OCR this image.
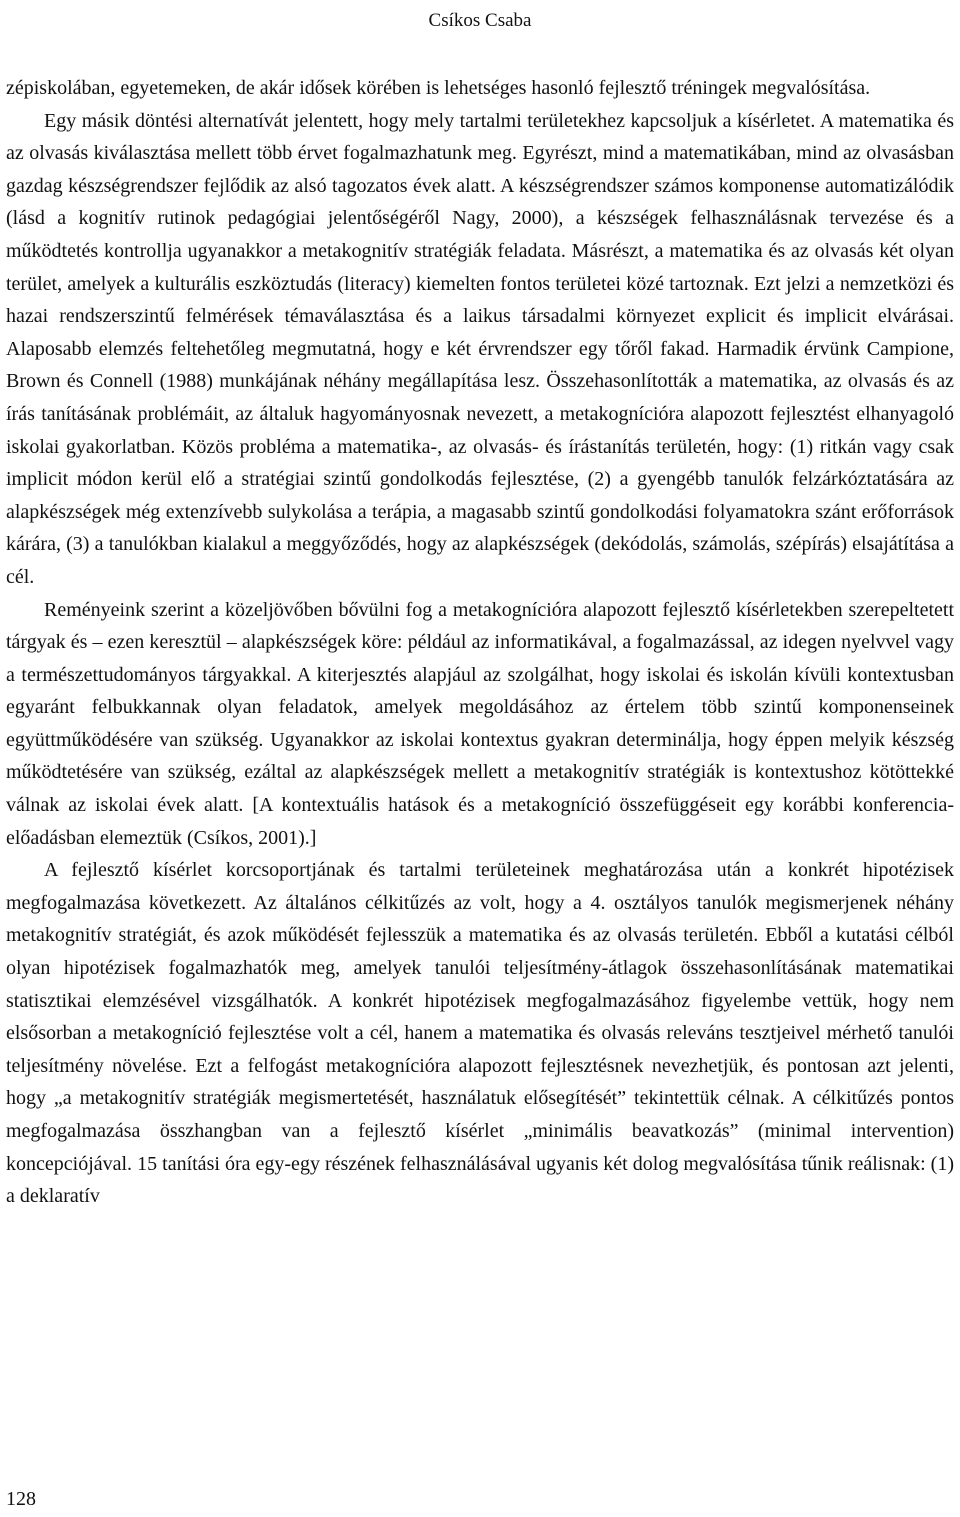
Csíkos Csaba

zépiskolában, egyetemeken, de akár idősek körében is lehetséges hasonló fejlesztő tréningek megvalósítása.

Egy másik döntési alternatívát jelentett, hogy mely tartalmi területekhez kapcsoljuk a kísérletet. A matematika és az olvasás kiválasztása mellett több érvet fogalmazhatunk meg. Egyrészt, mind a matematikában, mind az olvasásban gazdag készségrendszer fejlődik az alsó tagozatos évek alatt. A készségrendszer számos komponense automatizálódik (lásd a kognitív rutinok pedagógiai jelentőségéről Nagy, 2000), a készségek felhasználásnak tervezése és a működtetés kontrollja ugyanakkor a metakognitív stratégiák feladata. Másrészt, a matematika és az olvasás két olyan terület, amelyek a kulturális eszköztudás (literacy) kiemelten fontos területei közé tartoznak. Ezt jelzi a nemzetközi és hazai rendszerszintű felmérések témaválasztása és a laikus társadalmi környezet explicit és implicit elvárásai. Alaposabb elemzés feltehetőleg megmutatná, hogy e két érvrendszer egy tőről fakad. Harmadik érvünk Campione, Brown és Connell (1988) munkájának néhány megállapítása lesz. Összehasonlították a matematika, az olvasás és az írás tanításának problémáit, az általuk hagyományosnak nevezett, a metakognícióra alapozott fejlesztést elhanyagoló iskolai gyakorlatban. Közös probléma a matematika-, az olvasás- és írástanítás területén, hogy: (1) ritkán vagy csak implicit módon kerül elő a stratégiai szintű gondolkodás fejlesztése, (2) a gyengébb tanulók felzárkóztatására az alapkészségek még extenzívebb sulykolása a terápia, a magasabb szintű gondolkodási folyamatokra szánt erőforrások kárára, (3) a tanulókban kialakul a meggyőződés, hogy az alapkészségek (dekódolás, számolás, szépírás) elsajátítása a cél.

Reményeink szerint a közeljövőben bővülni fog a metakognícióra alapozott fejlesztő kísérletekben szerepeltetett tárgyak és – ezen keresztül – alapkészségek köre: például az informatikával, a fogalmazással, az idegen nyelvvel vagy a természettudományos tárgyakkal. A kiterjesztés alapjául az szolgálhat, hogy iskolai és iskolán kívüli kontextusban egyaránt felbukkannak olyan feladatok, amelyek megoldásához az értelem több szintű komponenseinek együttműködésére van szükség. Ugyanakkor az iskolai kontextus gyakran determinálja, hogy éppen melyik készség működtetésére van szükség, ezáltal az alapkészségek mellett a metakognitív stratégiák is kontextushoz kötöttekké válnak az iskolai évek alatt. [A kontextuális hatások és a metakogníció összefüggéseit egy korábbi konferencia-előadásban elemeztük (Csíkos, 2001).]

A fejlesztő kísérlet korcsoportjának és tartalmi területeinek meghatározása után a konkrét hipotézisek megfogalmazása következett. Az általános célkitűzés az volt, hogy a 4. osztályos tanulók megismerjenek néhány metakognitív stratégiát, és azok működését fejlesszük a matematika és az olvasás területén. Ebből a kutatási célból olyan hipotézisek fogalmazhatók meg, amelyek tanulói teljesítmény-átlagok összehasonlításának matematikai statisztikai elemzésével vizsgálhatók. A konkrét hipotézisek megfogalmazásához figyelembe vettük, hogy nem elsősorban a metakogníció fejlesztése volt a cél, hanem a matematika és olvasás releváns tesztjeivel mérhető tanulói teljesítmény növelése. Ezt a felfogást metakognícióra alapozott fejlesztésnek nevezhetjük, és pontosan azt jelenti, hogy „a metakognitív stratégiák megismertetését, használatuk elősegítését” tekintettük célnak. A célkitűzés pontos megfogalmazása összhangban van a fejlesztő kísérlet „minimális beavatkozás” (minimal intervention) koncepciójával. 15 tanítási óra egy-egy részének felhasználásával ugyanis két dolog megvalósítása tűnik reálisnak: (1) a deklaratív

128
